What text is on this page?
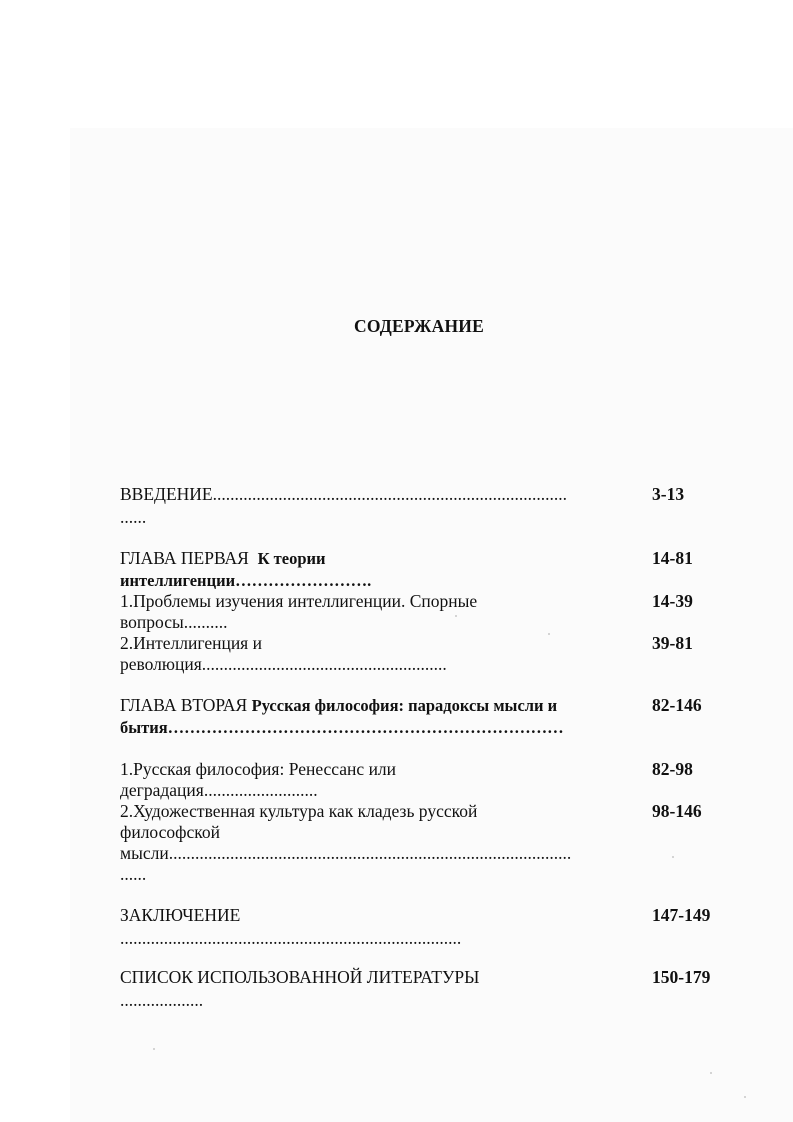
СОДЕРЖАНИЕ
ВВЕДЕНИЕ.................................................................................
......
3-13
ГЛАВА ПЕРВАЯ К теории
интеллигенции…………………….
14-81
1.Проблемы изучения интеллигенции. Спорные
вопросы..........
14-39
2.Интеллигенция и
революция........................................................
39-81
ГЛАВА ВТОРАЯ Русская философия: парадоксы мысли и
бытия………………………………………………………………
82-146
1.Русская философия: Ренессанс или
деградация..........................
82-98
2.Художественная культура как кладезь русской
философской
мысли............................................................................................
......
98-146
ЗАКЛЮЧЕНИЕ
..............................................................................
147-149
СПИСОК ИСПОЛЬЗОВАННОЙ ЛИТЕРАТУРЫ
...................
150-179
